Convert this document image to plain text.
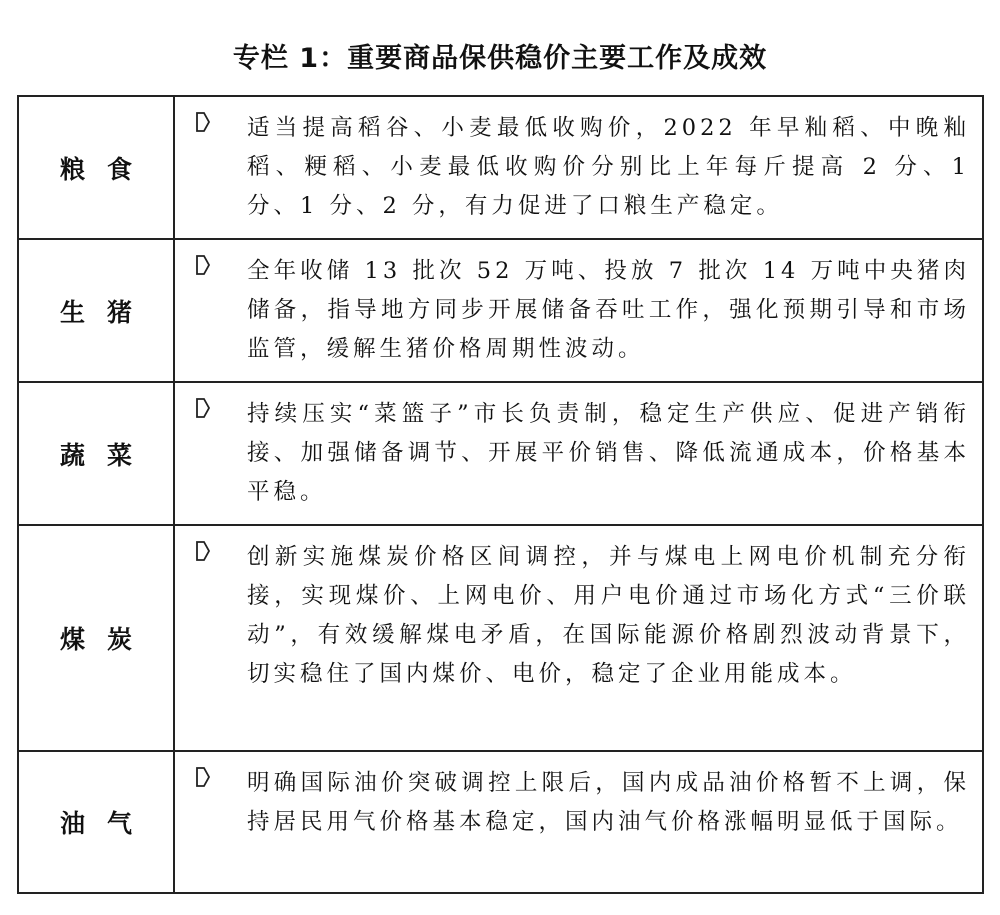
专栏 1：重要商品保供稳价主要工作及成效
粮食	适当提高稻谷、小麦最低收购价，2022 年早籼稻、中晚籼稻、粳稻、小麦最低收购价分别比上年每斤提高 2 分、1 分、1 分、2 分，有力促进了口粮生产稳定。

生猪	全年收储 13 批次 52 万吨、投放 7 批次 14 万吨中央猪肉储备，指导地方同步开展储备吞吐工作，强化预期引导和市场监管，缓解生猪价格周期性波动。

蔬菜	持续压实“菜篮子”市长负责制，稳定生产供应、促进产销衔接、加强储备调节、开展平价销售、降低流通成本，价格基本平稳。

煤炭	创新实施煤炭价格区间调控，并与煤电上网电价机制充分衔接，实现煤价、上网电价、用户电价通过市场化方式“三价联动”，有效缓解煤电矛盾，在国际能源价格剧烈波动背景下，切实稳住了国内煤价、电价，稳定了企业用能成本。

油气	明确国际油价突破调控上限后，国内成品油价格暂不上调，保持居民用气价格基本稳定，国内油气价格涨幅明显低于国际。
